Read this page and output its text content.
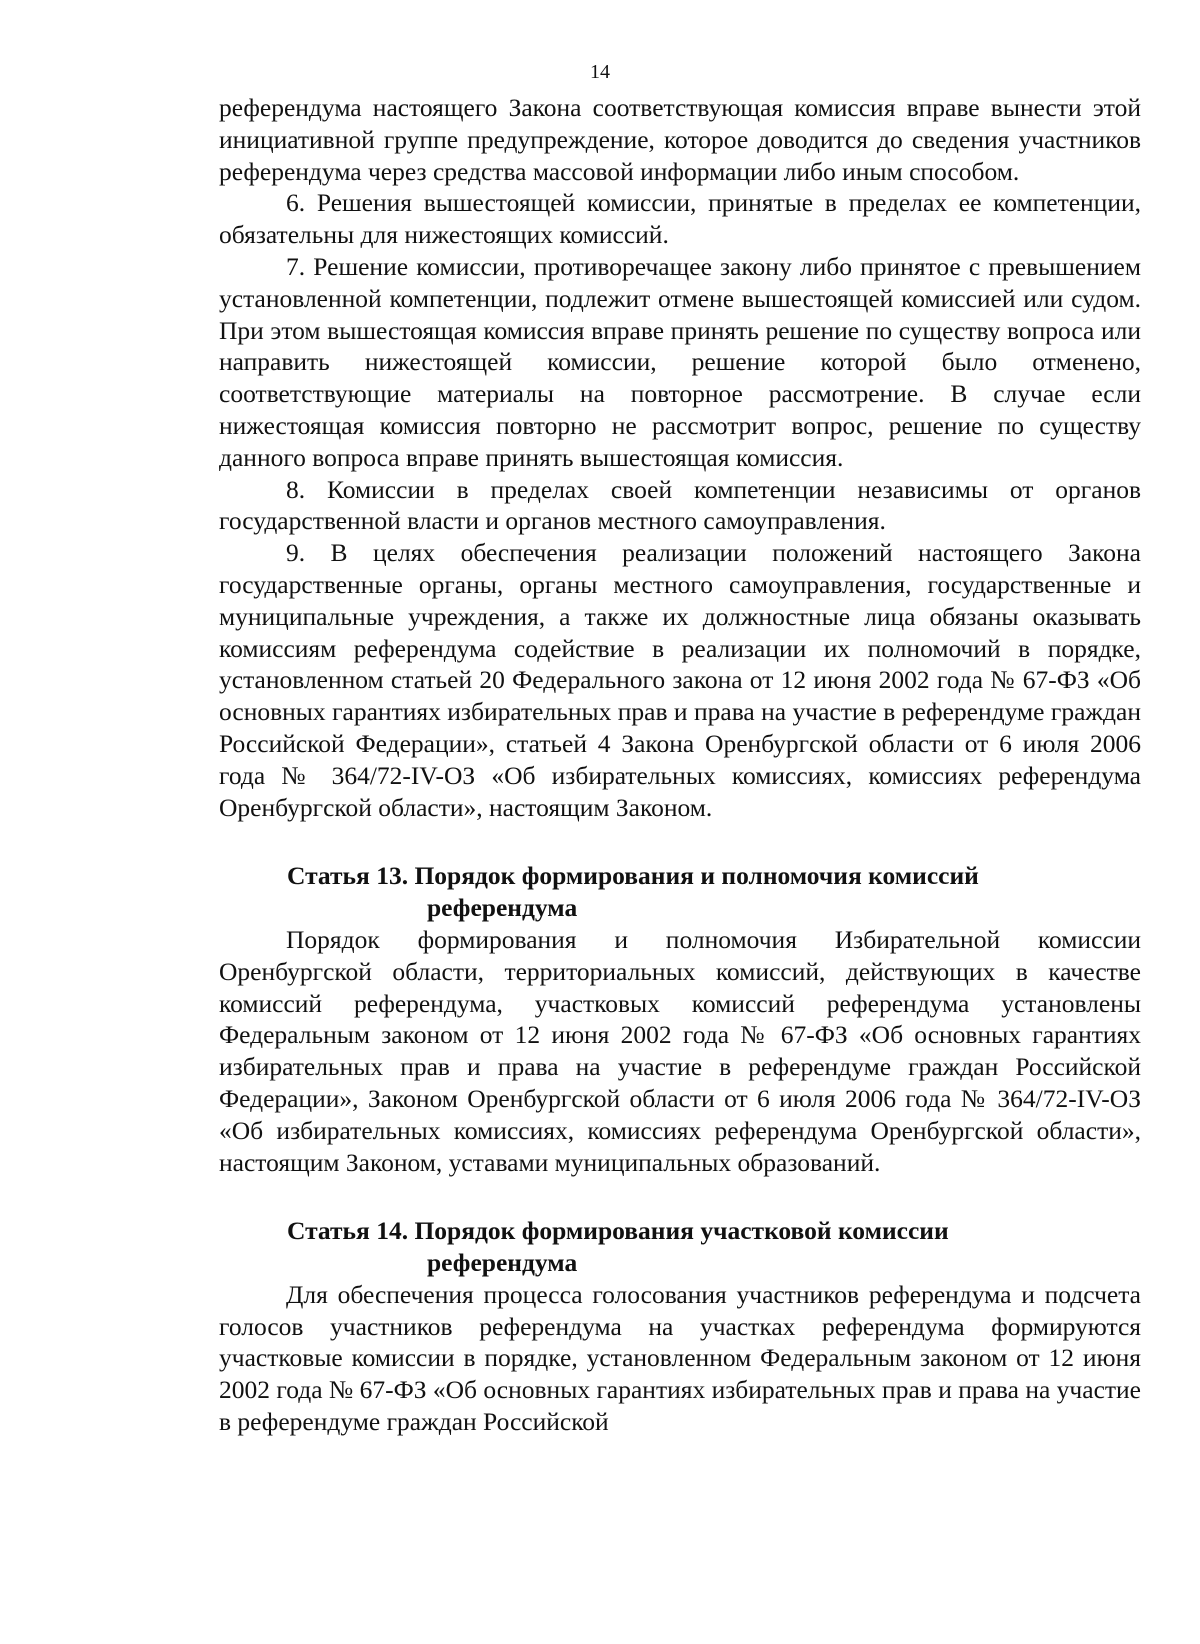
14

референдума настоящего Закона соответствующая комиссия вправе вынести этой инициативной группе предупреждение, которое доводится до сведения участников референдума через средства массовой информации либо иным способом.

6. Решения вышестоящей комиссии, принятые в пределах ее компетенции, обязательны для нижестоящих комиссий.

7. Решение комиссии, противоречащее закону либо принятое с превышением установленной компетенции, подлежит отмене вышестоящей комиссией или судом. При этом вышестоящая комиссия вправе принять решение по существу вопроса или направить нижестоящей комиссии, решение которой было отменено, соответствующие материалы на повторное рассмотрение. В случае если нижестоящая комиссия повторно не рассмотрит вопрос, решение по существу данного вопроса вправе принять вышестоящая комиссия.

8. Комиссии в пределах своей компетенции независимы от органов государственной власти и органов местного самоуправления.

9. В целях обеспечения реализации положений настоящего Закона государственные органы, органы местного самоуправления, государственные и муниципальные учреждения, а также их должностные лица обязаны оказывать комиссиям референдума содействие в реализации их полномочий в порядке, установленном статьей 20 Федерального закона от 12 июня 2002 года № 67-ФЗ «Об основных гарантиях избирательных прав и права на участие в референдуме граждан Российской Федерации», статьей 4 Закона Оренбургской области от 6 июля 2006 года № 364/72-IV-ОЗ «Об избирательных комиссиях, комиссиях референдума Оренбургской области», настоящим Законом.

Статья 13. Порядок формирования и полномочия комиссий
референдума

Порядок формирования и полномочия Избирательной комиссии Оренбургской области, территориальных комиссий, действующих в качестве комиссий референдума, участковых комиссий референдума установлены Федеральным законом от 12 июня 2002 года № 67-ФЗ «Об основных гарантиях избирательных прав и права на участие в референдуме граждан Российской Федерации», Законом Оренбургской области от 6 июля 2006 года № 364/72-IV-ОЗ «Об избирательных комиссиях, комиссиях референдума Оренбургской области», настоящим Законом, уставами муниципальных образований.

Статья 14. Порядок формирования участковой комиссии
референдума

Для обеспечения процесса голосования участников референдума и подсчета голосов участников референдума на участках референдума формируются участковые комиссии в порядке, установленном Федеральным законом от 12 июня 2002 года № 67-ФЗ «Об основных гарантиях избирательных прав и права на участие в референдуме граждан Российской
